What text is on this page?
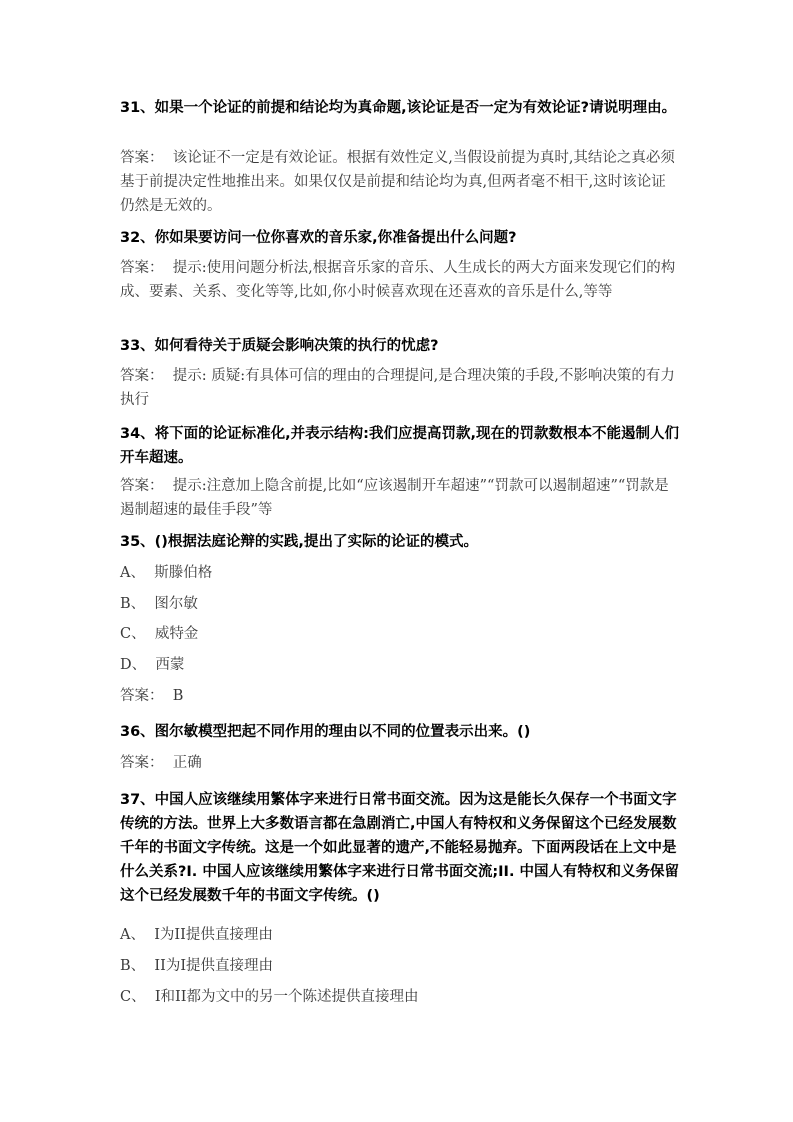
31、如果一个论证的前提和结论均为真命题,该论证是否一定为有效论证?请说明理由。
答案：  该论证不一定是有效论证。根据有效性定义,当假设前提为真时,其结论之真必须基于前提决定性地推出来。如果仅仅是前提和结论均为真,但两者毫不相干,这时该论证仍然是无效的。
32、你如果要访问一位你喜欢的音乐家,你准备提出什么问题?
答案：  提示:使用问题分析法,根据音乐家的音乐、人生成长的两大方面来发现它们的构成、要素、关系、变化等等,比如,你小时候喜欢现在还喜欢的音乐是什么,等等
33、如何看待关于质疑会影响决策的执行的忧虑?
答案：  提示: 质疑:有具体可信的理由的合理提问,是合理决策的手段,不影响决策的有力执行
34、将下面的论证标准化,并表示结构:我们应提高罚款,现在的罚款数根本不能遏制人们开车超速。
答案：  提示:注意加上隐含前提,比如“应该遏制开车超速”“罚款可以遏制超速”“罚款是遏制超速的最佳手段”等
35、()根据法庭论辩的实践,提出了实际的论证的模式。
A、  斯滕伯格
B、  图尔敏
C、  威特金
D、  西蒙
答案：  B
36、图尔敏模型把起不同作用的理由以不同的位置表示出来。()
答案：  正确
37、中国人应该继续用繁体字来进行日常书面交流。因为这是能长久保存一个书面文字传统的方法。世界上大多数语言都在急剧消亡,中国人有特权和义务保留这个已经发展数千年的书面文字传统。这是一个如此显著的遗产,不能轻易抛弃。下面两段话在上文中是什么关系?I. 中国人应该继续用繁体字来进行日常书面交流;II. 中国人有特权和义务保留这个已经发展数千年的书面文字传统。()
A、  I为II提供直接理由
B、  II为I提供直接理由
C、  I和II都为文中的另一个陈述提供直接理由
